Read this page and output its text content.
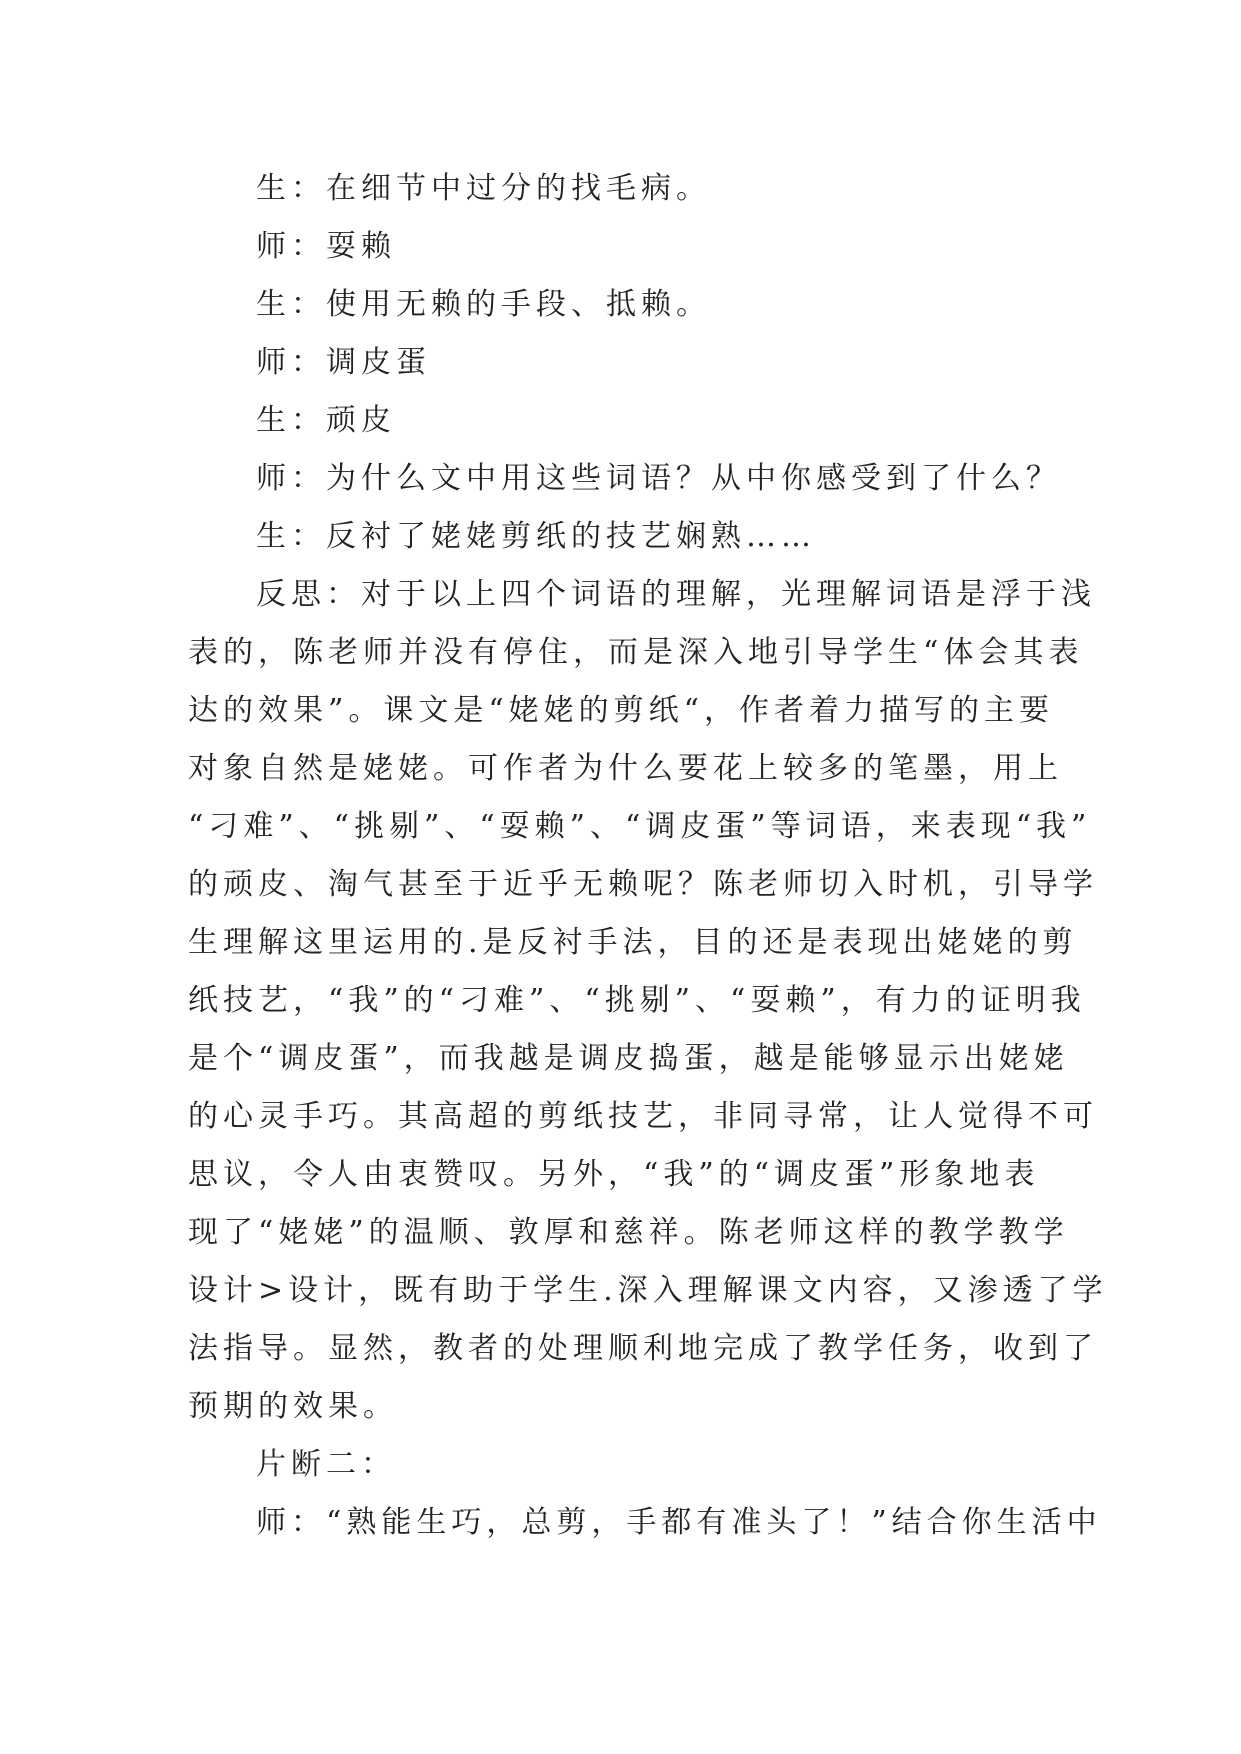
生：在细节中过分的找毛病。
师：耍赖
生：使用无赖的手段、抵赖。
师：调皮蛋
生：顽皮
师：为什么文中用这些词语？从中你感受到了什么？
生：反衬了姥姥剪纸的技艺娴熟……
反思：对于以上四个词语的理解，光理解词语是浮于浅
表的，陈老师并没有停住，而是深入地引导学生“体会其表
达的效果”。课文是“姥姥的剪纸“，作者着力描写的主要
对象自然是姥姥。可作者为什么要花上较多的笔墨，用上
“刁难”、“挑剔”、“耍赖”、“调皮蛋”等词语，来表现“我”
的顽皮、淘气甚至于近乎无赖呢？陈老师切入时机，引导学
生理解这里运用的.是反衬手法，目的还是表现出姥姥的剪
纸技艺，“我”的“刁难”、“挑剔”、“耍赖”，有力的证明我
是个“调皮蛋”，而我越是调皮捣蛋，越是能够显示出姥姥
的心灵手巧。其高超的剪纸技艺，非同寻常，让人觉得不可
思议，令人由衷赞叹。另外，“我”的“调皮蛋”形象地表
现了“姥姥”的温顺、敦厚和慈祥。陈老师这样的教学教学
设计>设计，既有助于学生.深入理解课文内容，又渗透了学
法指导。显然，教者的处理顺利地完成了教学任务，收到了
预期的效果。
片断二：
师：“熟能生巧，总剪，手都有准头了！”结合你生活中
